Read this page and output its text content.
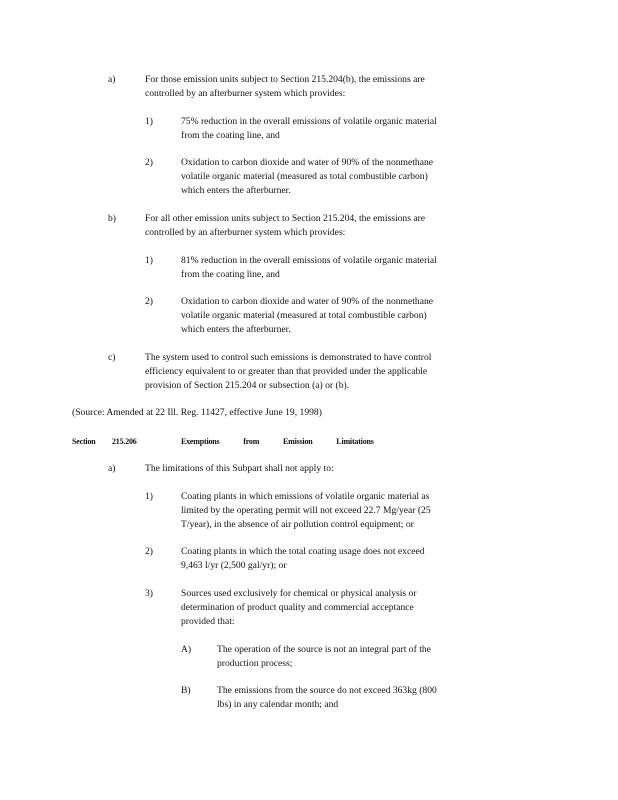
a)	For those emission units subject to Section 215.204(b), the emissions are

controlled by an afterburner system which provides:

1)	75% reduction in the overall emissions of volatile organic material

from the coating line, and

2)	Oxidation to carbon dioxide and water of 90% of the nonmethane

volatile organic material (measured as total combustible carbon)

which enters the afterburner.

b)	For all other emission units subject to Section 215.204, the emissions are

controlled by an afterburner system which provides:

1)	81% reduction in the overall emissions of volatile organic material

from the coating line, and

2)	Oxidation to carbon dioxide and water of 90% of the nonmethane

volatile organic material (measured at total combustible carbon)

which enters the afterburner.

c)	The system used to control such emissions is demonstrated to have control

efficiency equivalent to or greater than that provided under the applicable

provision of Section 215.204 or subsection (a) or (b).

(Source: Amended at 22 Ill. Reg. 11427, effective June 19, 1998)
Section 215.206	Exemptions from Emission Limitations
a)	The limitations of this Subpart shall not apply to:

1)	Coating plants in which emissions of volatile organic material as

limited by the operating permit will not exceed 22.7 Mg/year (25

T/year), in the absence of air pollution control equipment; or

2)	Coating plants in which the total coating usage does not exceed

9,463 l/yr (2,500 gal/yr); or

3)	Sources used exclusively for chemical or physical analysis or

determination of product quality and commercial acceptance

provided that:

A)	The operation of the source is not an integral part of the

production process;

B)	The emissions from the source do not exceed 363kg (800

lbs) in any calendar month; and
